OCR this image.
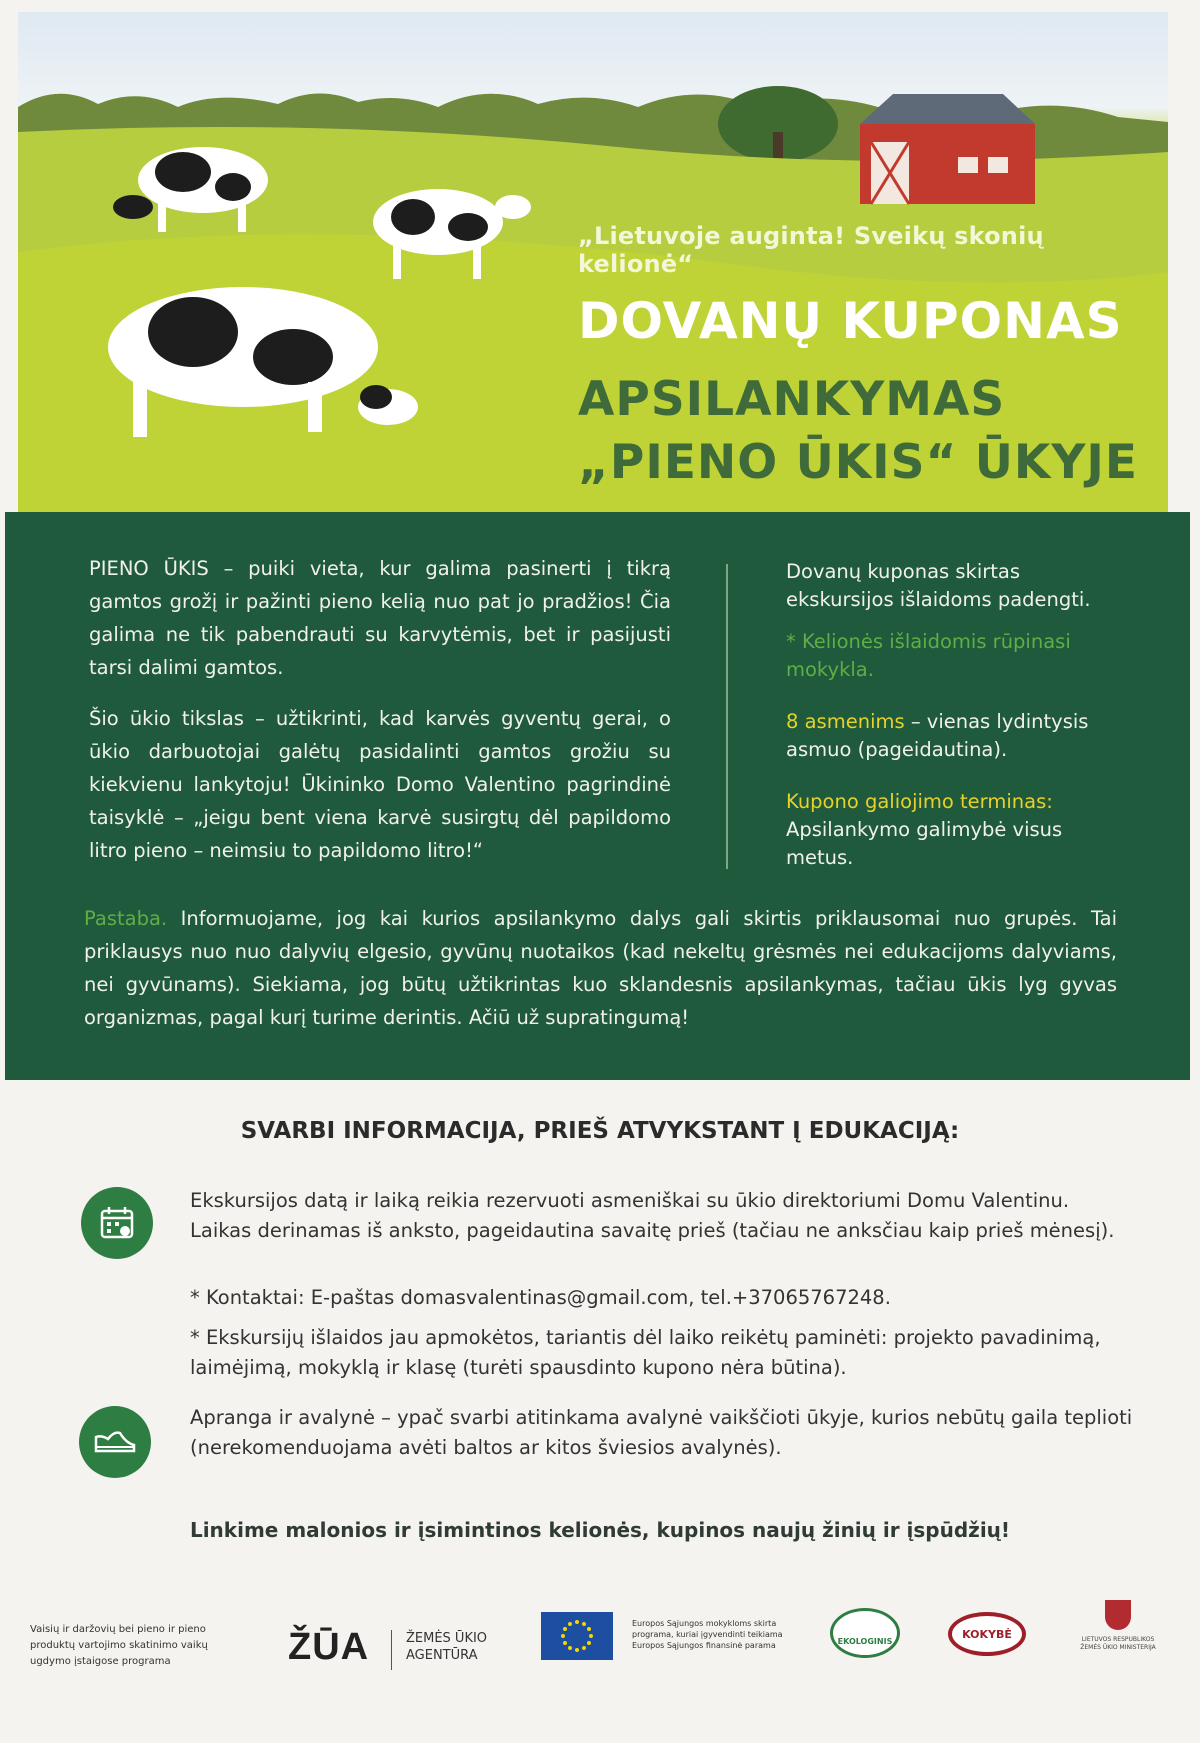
„Lietuvoje auginta! Sveikų skonių kelionė“
DOVANŲ KUPONAS
APSILANKYMAS
„PIENO ŪKIS“ ŪKYJE

PIENO ŪKIS – puiki vieta, kur galima pasinerti į tikrą gamtos grožį ir pažinti pieno kelią nuo pat jo pradžios! Čia galima ne tik pabendrauti su karvytėmis, bet ir pasijusti tarsi dalimi gamtos.

Šio ūkio tikslas – užtikrinti, kad karvės gyventų gerai, o ūkio darbuotojai galėtų pasidalinti gamtos grožiu su kiekvienu lankytoju! Ūkininko Domo Valentino pagrindinė taisyklė – „jeigu bent viena karvė susirgtų dėl papildomo litro pieno – neimsiu to papildomo litro!“

Dovanų kuponas skirtas ekskursijos išlaidoms padengti.
* Kelionės išlaidomis rūpinasi mokykla.
8 asmenims – vienas lydintysis asmuo (pageidautina).
Kupono galiojimo terminas:
Apsilankymo galimybė visus metus.
Pastaba. Informuojame, jog kai kurios apsilankymo dalys gali skirtis priklausomai nuo grupės. Tai priklausys nuo nuo dalyvių elgesio, gyvūnų nuotaikos (kad nekeltų grėsmės nei edukacijoms dalyviams, nei gyvūnams). Siekiama, jog būtų užtikrintas kuo sklandesnis apsilankymas, tačiau ūkis lyg gyvas organizmas, pagal kurį turime derintis. Ačiū už supratingumą!
SVARBI INFORMACIJA, PRIEŠ ATVYKSTANT Į EDUKACIJĄ:
Ekskursijos datą ir laiką reikia rezervuoti asmeniškai su ūkio direktoriumi Domu Valentinu. Laikas derinamas iš anksto, pageidautina savaitę prieš (tačiau ne anksčiau kaip prieš mėnesį).
* Kontaktai: E-paštas domasvalentinas@gmail.com, tel.+37065767248.
* Ekskursijų išlaidos jau apmokėtos, tariantis dėl laiko reikėtų paminėti: projekto pavadinimą, laimėjimą, mokyklą ir klasę (turėti spausdinto kupono nėra būtina).
Apranga ir avalynė – ypač svarbi atitinkama avalynė vaikščioti ūkyje, kurios nebūtų gaila teplioti (nerekomenduojama avėti baltos ar kitos šviesios avalynės).
Linkime malonios ir įsimintinos kelionės, kupinos naujų žinių ir įspūdžių!
Vaisių ir daržovių bei pieno ir pieno produktų vartojimo skatinimo vaikų ugdymo įstaigose programa	ŽŪA	ŽEMĖS ŪKIO AGENTŪRA
Europos Sąjungos mokykloms skirta programa, kuriai įgyvendinti teikiama Europos Sąjungos finansinė parama	EKOLOGINIS
KOKYBĖ	LIETUVOS RESPUBLIKOS ŽEMĖS ŪKIO MINISTERIJA
